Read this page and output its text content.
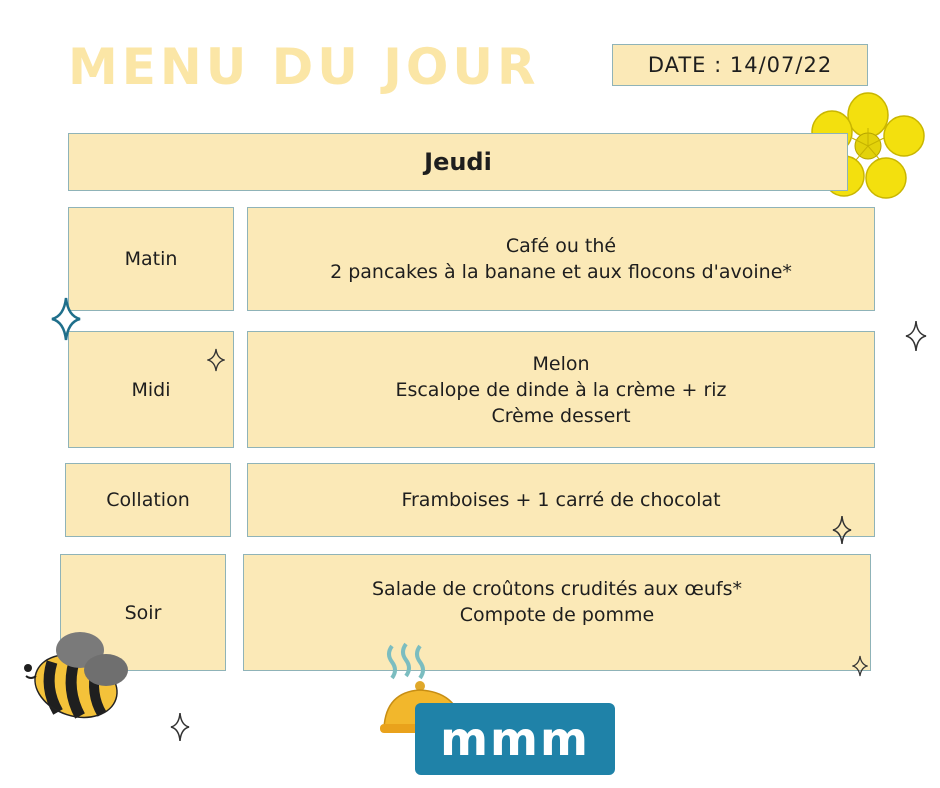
MENU DU JOUR	DATE : 14/07/22
Jeudi
Matin
Café ou thé
2 pancakes à la banane et aux flocons d'avoine*
Midi
Melon
Escalope de dinde à la crème + riz
Crème dessert
Collation	Framboises + 1 carré de chocolat
Soir
Salade de croûtons crudités aux œufs*
Compote de pomme
mmm
